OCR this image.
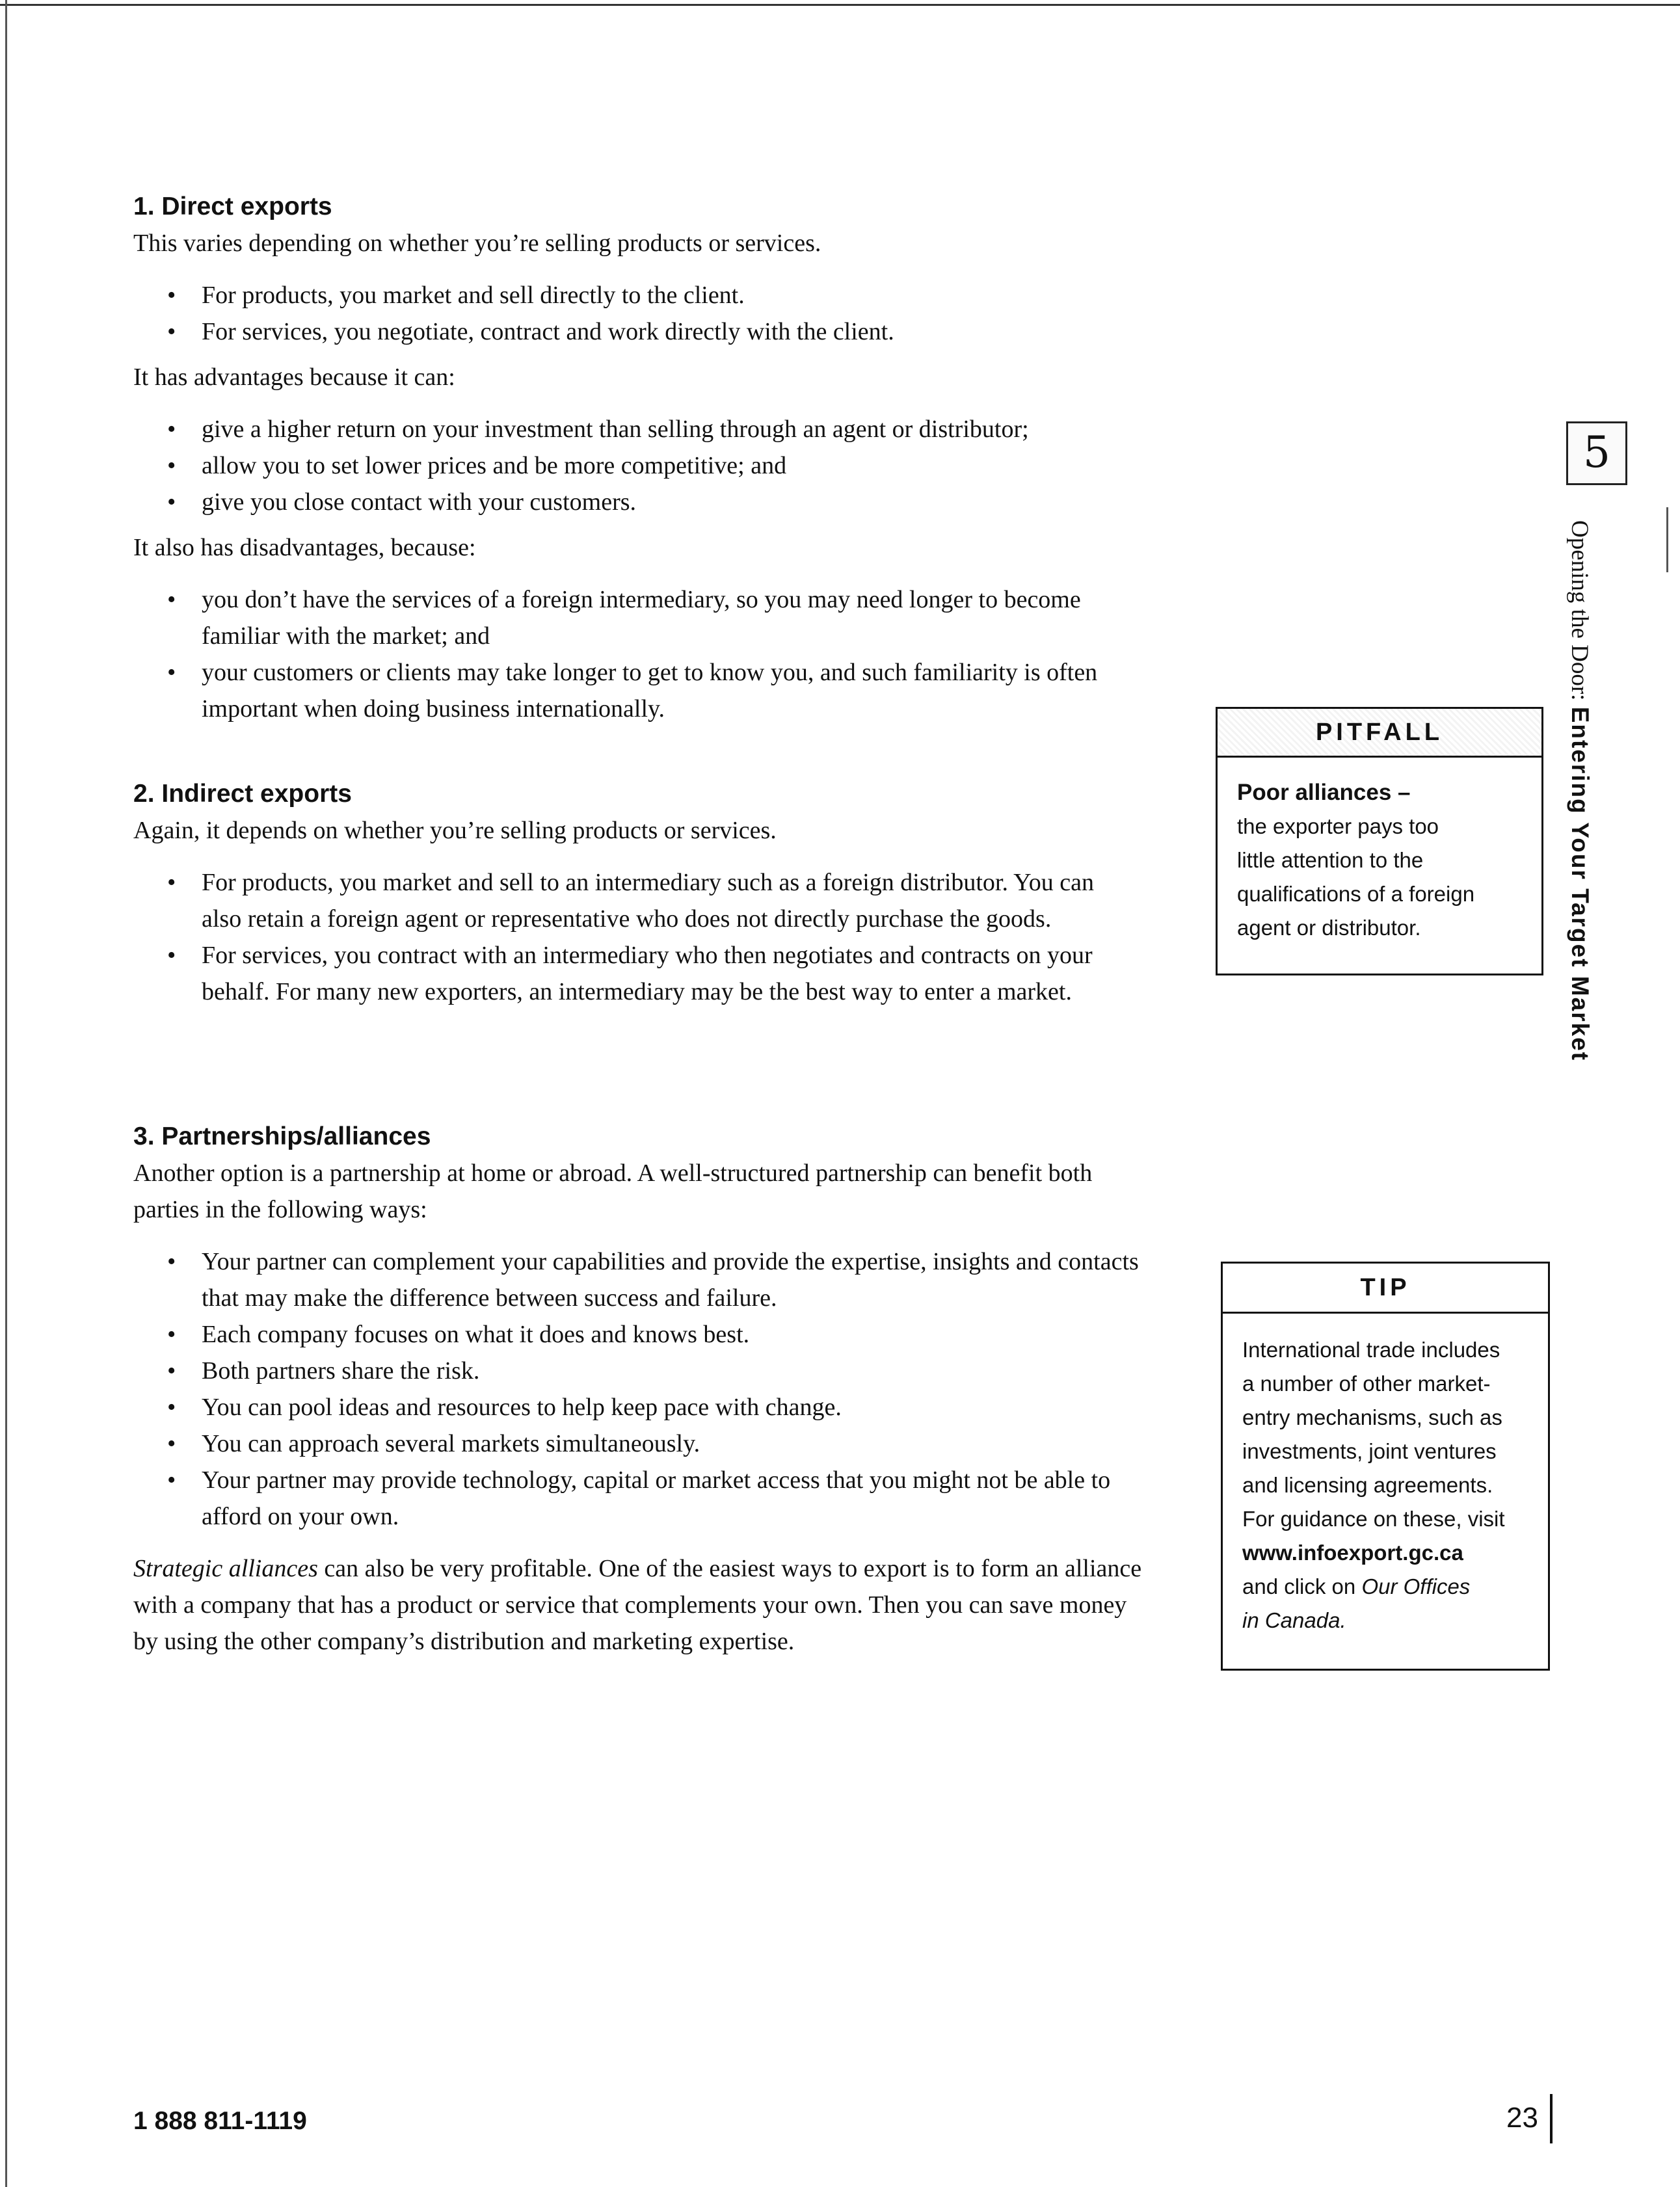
1. Direct exports

This varies depending on whether you’re selling products or services.

• For products, you market and sell directly to the client.
• For services, you negotiate, contract and work directly with the client.

It has advantages because it can:

• give a higher return on your investment than selling through an agent or distributor;
• allow you to set lower prices and be more competitive; and
• give you close contact with your customers.

It also has disadvantages, because:

• you don’t have the services of a foreign intermediary, so you may need longer to become familiar with the market; and
• your customers or clients may take longer to get to know you, and such familiarity is often important when doing business internationally.
2. Indirect exports

Again, it depends on whether you’re selling products or services.

• For products, you market and sell to an intermediary such as a foreign distributor. You can also retain a foreign agent or representative who does not directly purchase the goods.
• For services, you contract with an intermediary who then negotiates and contracts on your behalf. For many new exporters, an intermediary may be the best way to enter a market.
3. Partnerships/alliances

Another option is a partnership at home or abroad. A well-structured partnership can benefit both parties in the following ways:

• Your partner can complement your capabilities and provide the expertise, insights and contacts that may make the difference between success and failure.
• Each company focuses on what it does and knows best.
• Both partners share the risk.
• You can pool ideas and resources to help keep pace with change.
• You can approach several markets simultaneously.
• Your partner may provide technology, capital or market access that you might not be able to afford on your own.

Strategic alliances can also be very profitable. One of the easiest ways to export is to form an alliance with a company that has a product or service that complements your own. Then you can save money by using the other company’s distribution and marketing expertise.

PITFALL
Poor alliances –
the exporter pays too
little attention to the
qualifications of a foreign
agent or distributor.
TIP
International trade includes
a number of other market-
entry mechanisms, such as
investments, joint ventures
and licensing agreements.
For guidance on these, visit
www.infoexport.gc.ca
and click on Our Offices
in Canada.
5
Opening the Door: Entering Your Target Market
1 888 811-1119	23
